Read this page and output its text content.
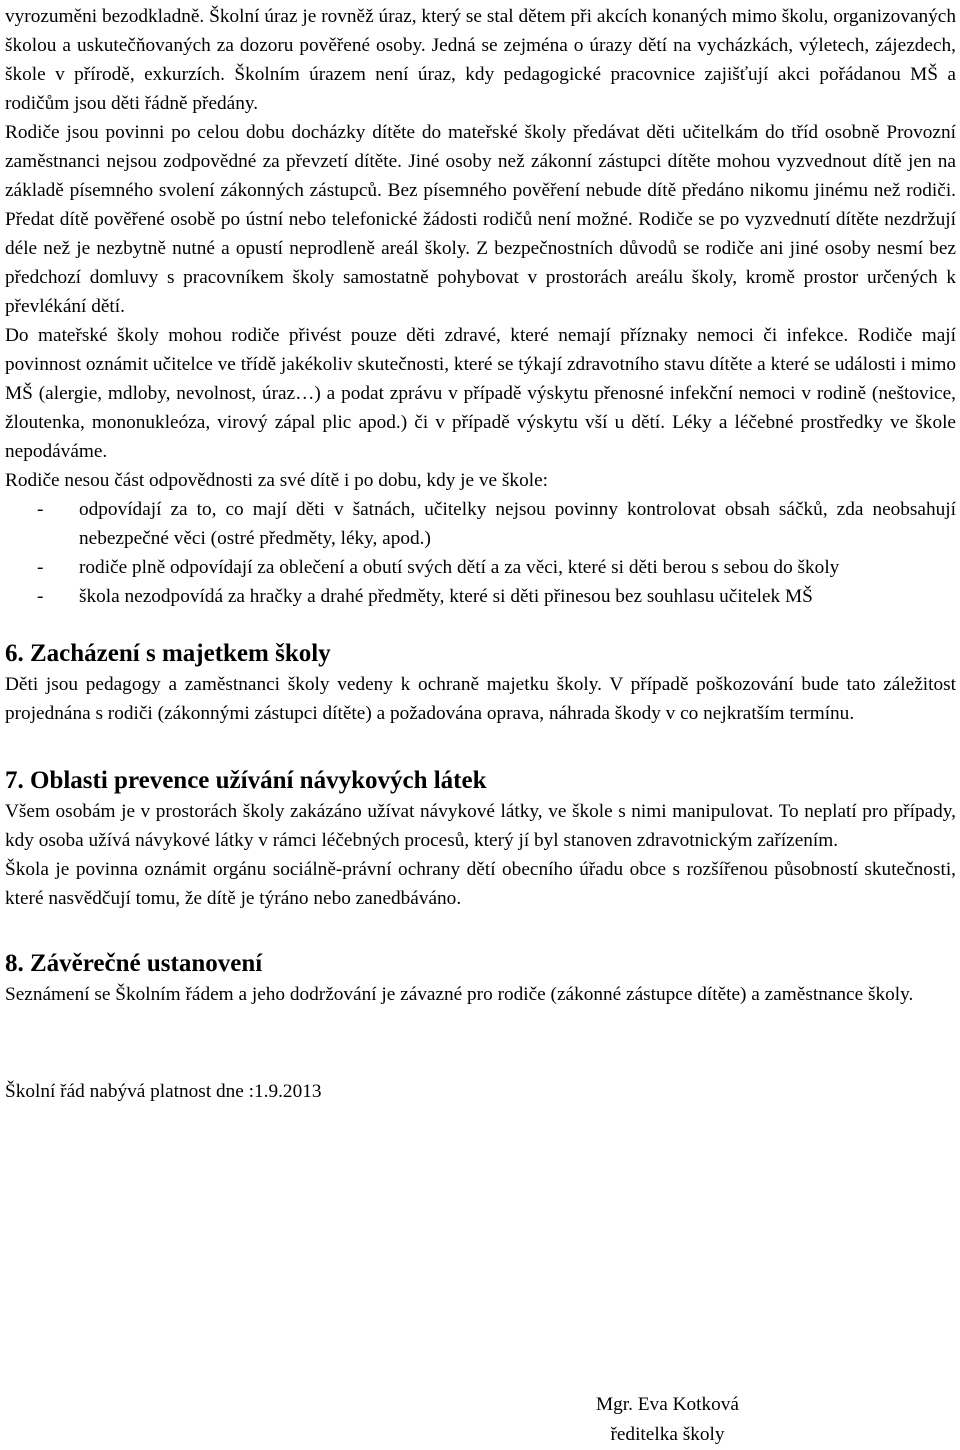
vyrozuměni bezodkladně. Školní úraz je rovněž úraz, který se stal dětem při akcích konaných mimo školu, organizovaných školou a uskutečňovaných za dozoru pověřené osoby. Jedná se zejména o úrazy dětí na vycházkách, výletech, zájezdech, škole v přírodě, exkurzích. Školním úrazem není úraz, kdy pedagogické pracovnice zajišťují akci pořádanou MŠ a rodičům jsou děti řádně předány.

Rodiče jsou povinni po celou dobu docházky dítěte do mateřské školy předávat děti učitelkám do tříd osobně Provozní zaměstnanci nejsou zodpovědné za převzetí dítěte. Jiné osoby než zákonní zástupci dítěte mohou vyzvednout dítě jen na základě písemného svolení zákonných zástupců. Bez písemného pověření nebude dítě předáno nikomu jinému než rodiči. Předat dítě pověřené osobě po ústní nebo telefonické žádosti rodičů není možné. Rodiče se po vyzvednutí dítěte nezdržují déle než je nezbytně nutné a opustí neprodleně areál školy. Z bezpečnostních důvodů se rodiče ani jiné osoby nesmí bez předchozí domluvy s pracovníkem školy samostatně pohybovat v prostorách areálu školy, kromě prostor určených k převlékání dětí.

Do mateřské školy mohou rodiče přivést pouze děti zdravé, které nemají příznaky nemoci či infekce. Rodiče mají povinnost oznámit učitelce ve třídě jakékoliv skutečnosti, které se týkají zdravotního stavu dítěte a které se události i mimo MŠ (alergie, mdloby, nevolnost, úraz…) a podat zprávu v případě výskytu přenosné infekční nemoci v rodině (neštovice, žloutenka, mononukleóza, virový zápal plic apod.) či v případě výskytu vší u dětí. Léky a léčebné prostředky ve škole nepodáváme.

Rodiče nesou část odpovědnosti za své dítě i po dobu, kdy je ve škole:

- odpovídají za to, co mají děti v šatnách, učitelky nejsou povinny kontrolovat obsah sáčků, zda neobsahují nebezpečné věci (ostré předměty, léky, apod.)
- rodiče plně odpovídají za oblečení a obutí svých dětí a za věci, které si děti berou s sebou do školy
- škola nezodpovídá za hračky a drahé předměty, které si děti přinesou bez souhlasu učitelek MŠ
6. Zacházení s majetkem školy

Děti jsou pedagogy a zaměstnanci školy vedeny k ochraně majetku školy. V případě poškozování bude tato záležitost projednána s rodiči (zákonnými zástupci dítěte) a požadována oprava, náhrada škody v co nejkratším termínu.

7. Oblasti prevence užívání návykových látek

Všem osobám je v prostorách školy zakázáno užívat návykové látky, ve škole s nimi manipulovat. To neplatí pro případy, kdy osoba užívá návykové látky v rámci léčebných procesů, který jí byl stanoven zdravotnickým zařízením.

Škola je povinna oznámit orgánu sociálně-právní ochrany dětí obecního úřadu obce s rozšířenou působností skutečnosti, které nasvědčují tomu, že dítě je týráno nebo zanedbáváno.

8. Závěrečné ustanovení

Seznámení se Školním řádem a jeho dodržování je závazné pro rodiče (zákonné zástupce dítěte) a zaměstnance školy.

Školní řád nabývá platnost dne :1.9.2013

Mgr. Eva Kotková
ředitelka školy
